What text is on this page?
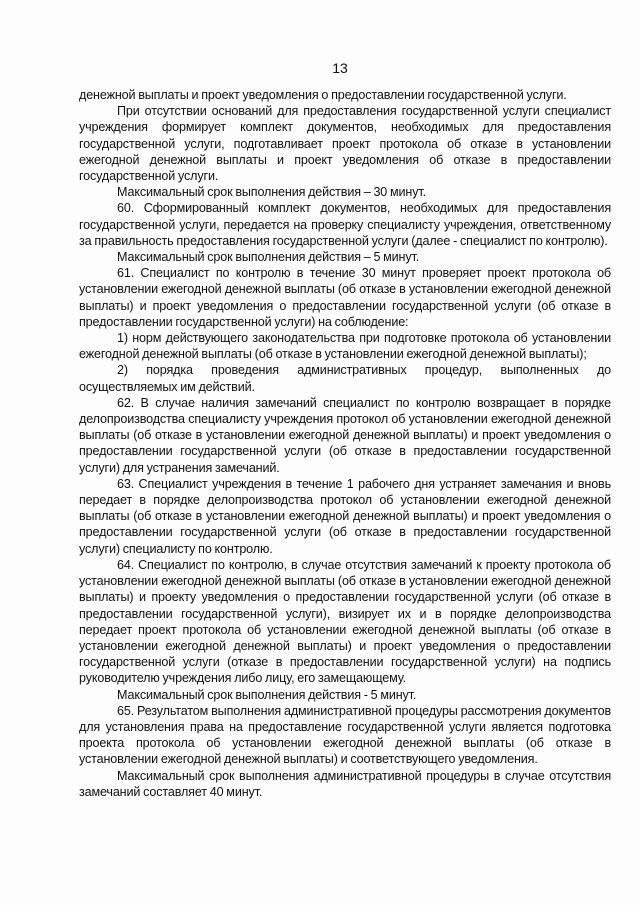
13

денежной выплаты и проект уведомления о предоставлении государственной услуги.

При отсутствии оснований для предоставления государственной услуги специалист учреждения формирует комплект документов, необходимых для предоставления государственной услуги, подготавливает проект протокола об отказе в установлении ежегодной денежной выплаты и проект уведомления об отказе в предоставлении государственной услуги.

Максимальный срок выполнения действия – 30 минут.

60. Сформированный комплект документов, необходимых для предоставления государственной услуги, передается на проверку специалисту учреждения, ответственному за правильность предоставления государственной услуги (далее - специалист по контролю).

Максимальный срок выполнения действия – 5 минут.

61. Специалист по контролю в течение 30 минут проверяет проект протокола об установлении ежегодной денежной выплаты (об отказе в установлении ежегодной денежной выплаты) и проект уведомления о предоставлении государственной услуги (об отказе в предоставлении государственной услуги) на соблюдение:

1) норм действующего законодательства при подготовке протокола об установлении ежегодной денежной выплаты (об отказе в установлении ежегодной денежной выплаты);

2) порядка проведения административных процедур, выполненных до осуществляемых им действий.

62. В случае наличия замечаний специалист по контролю возвращает в порядке делопроизводства специалисту учреждения протокол об установлении ежегодной денежной выплаты (об отказе в установлении ежегодной денежной выплаты) и проект уведомления о предоставлении государственной услуги (об отказе в предоставлении государственной услуги) для устранения замечаний.

63. Специалист учреждения в течение 1 рабочего дня устраняет замечания и вновь передает в порядке делопроизводства протокол об установлении ежегодной денежной выплаты (об отказе в установлении ежегодной денежной выплаты) и проект уведомления о предоставлении государственной услуги (об отказе в предоставлении государственной услуги) специалисту по контролю.

64. Специалист по контролю, в случае отсутствия замечаний к проекту протокола об установлении ежегодной денежной выплаты (об отказе в установлении ежегодной денежной выплаты) и проекту уведомления о предоставлении государственной услуги (об отказе в предоставлении государственной услуги), визирует их и в порядке делопроизводства передает проект протокола об установлении ежегодной денежной выплаты (об отказе в установлении ежегодной денежной выплаты) и проект уведомления о предоставлении государственной услуги (отказе в предоставлении государственной услуги) на подпись руководителю учреждения либо лицу, его замещающему.

Максимальный срок выполнения действия - 5 минут.

65. Результатом выполнения административной процедуры рассмотрения документов для установления права на предоставление государственной услуги является подготовка проекта протокола об установлении ежегодной денежной выплаты (об отказе в установлении ежегодной денежной выплаты) и соответствующего уведомления.

Максимальный срок выполнения административной процедуры в случае отсутствия замечаний составляет 40 минут.
